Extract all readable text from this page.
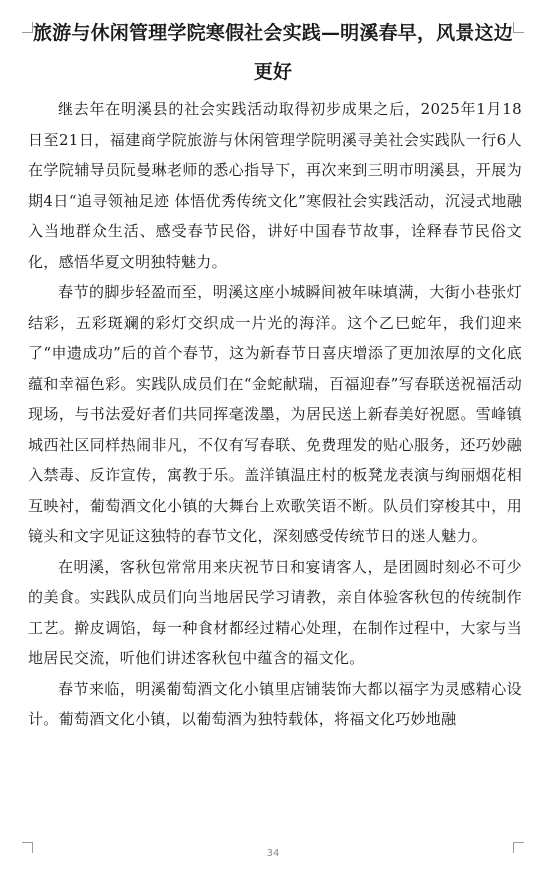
旅游与休闲管理学院寒假社会实践—明溪春早，风景这边更好

继去年在明溪县的社会实践活动取得初步成果之后，2025年1月18日至21日，福建商学院旅游与休闲管理学院明溪寻美社会实践队一行6人在学院辅导员阮曼琳老师的悉心指导下，再次来到三明市明溪县，开展为期4日“追寻领袖足迹 体悟优秀传统文化”寒假社会实践活动，沉浸式地融入当地群众生活、感受春节民俗，讲好中国春节故事，诠释春节民俗文化，感悟华夏文明独特魅力。

春节的脚步轻盈而至，明溪这座小城瞬间被年味填满，大街小巷张灯结彩，五彩斑斓的彩灯交织成一片光的海洋。这个乙巳蛇年，我们迎来了“申遗成功”后的首个春节，这为新春节日喜庆增添了更加浓厚的文化底蕴和幸福色彩。实践队成员们在“金蛇献瑞，百福迎春”写春联送祝福活动现场，与书法爱好者们共同挥毫泼墨，为居民送上新春美好祝愿。雪峰镇城西社区同样热闹非凡，不仅有写春联、免费理发的贴心服务，还巧妙融入禁毒、反诈宣传，寓教于乐。盖洋镇温庄村的板凳龙表演与绚丽烟花相互映衬，葡萄酒文化小镇的大舞台上欢歌笑语不断。队员们穿梭其中，用镜头和文字见证这独特的春节文化，深刻感受传统节日的迷人魅力。

在明溪，客秋包常常用来庆祝节日和宴请客人，是团圆时刻必不可少的美食。实践队成员们向当地居民学习请教，亲自体验客秋包的传统制作工艺。擀皮调馅，每一种食材都经过精心处理，在制作过程中，大家与当地居民交流，听他们讲述客秋包中蕴含的福文化。

春节来临，明溪葡萄酒文化小镇里店铺装饰大都以福字为灵感精心设计。葡萄酒文化小镇，以葡萄酒为独特载体，将福文化巧妙地融

34
